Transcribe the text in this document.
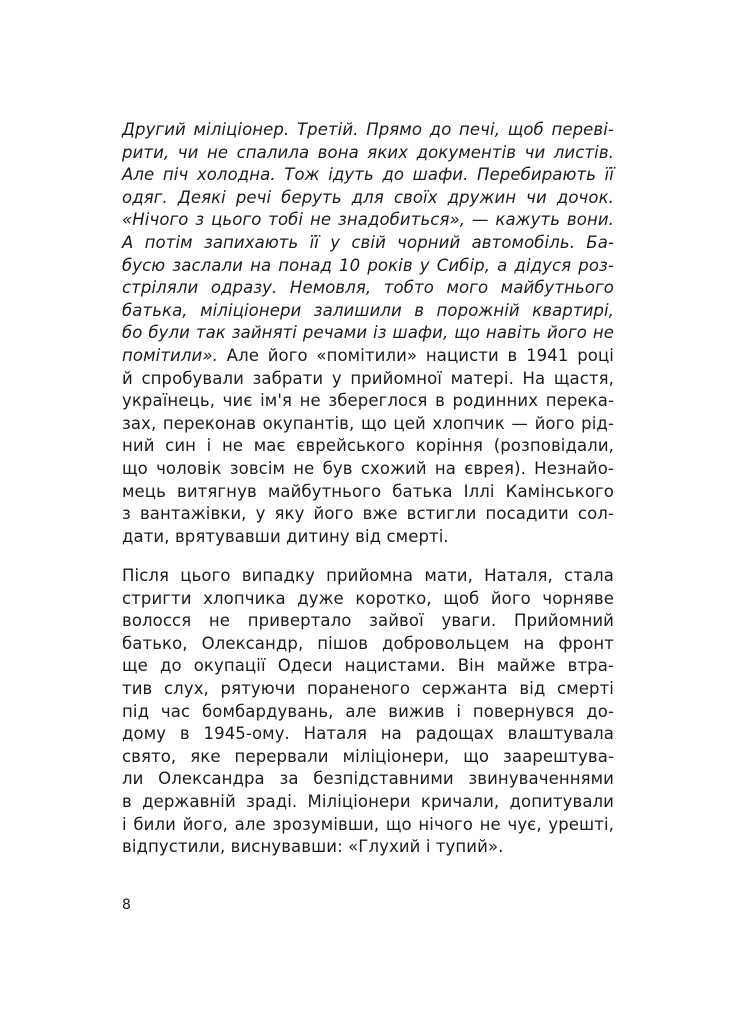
Другий міліціонер. Третій. Прямо до печі, щоб переві-
рити, чи не спалила вона яких документів чи листів.
Але піч холодна. Тож ідуть до шафи. Перебирають її
одяг. Деякі речі беруть для своїх дружин чи дочок.
«Нічого з цього тобі не знадобиться», — кажуть вони.
А потім запихають її у свій чорний автомобіль. Ба-
бусю заслали на понад 10 років у Сибір, а дідуся роз-
стріляли одразу. Немовля, тобто мого майбутнього
батька, міліціонери залишили в порожній квартирі,
бо були так зайняті речами із шафи, що навіть його не
помітили». Але його «помітили» нацисти в 1941 році
й спробували забрати у прийомної матері. На щастя,
українець, чиє ім'я не збереглося в родинних перека-
зах, переконав окупантів, що цей хлопчик — його рід-
ний син і не має єврейського коріння (розповідали,
що чоловік зовсім не був схожий на єврея). Незнайо-
мець витягнув майбутнього батька Іллі Камінського
з вантажівки, у яку його вже встигли посадити сол-
дати, врятувавши дитину від смерті.
Після цього випадку прийомна мати, Наталя, стала
стригти хлопчика дуже коротко, щоб його чорняве
волосся не привертало зайвої уваги. Прийомний
батько, Олександр, пішов добровольцем на фронт
ще до окупації Одеси нацистами. Він майже втра-
тив слух, рятуючи пораненого сержанта від смерті
під час бомбардувань, але вижив і повернувся до-
дому в 1945-ому. Наталя на радощах влаштувала
свято, яке перервали міліціонери, що заарештува-
ли Олександра за безпідставними звинуваченнями
в державній зраді. Міліціонери кричали, допитували
і били його, але зрозумівши, що нічого не чує, урешті,
відпустили, виснувавши: «Глухий і тупий».
8
